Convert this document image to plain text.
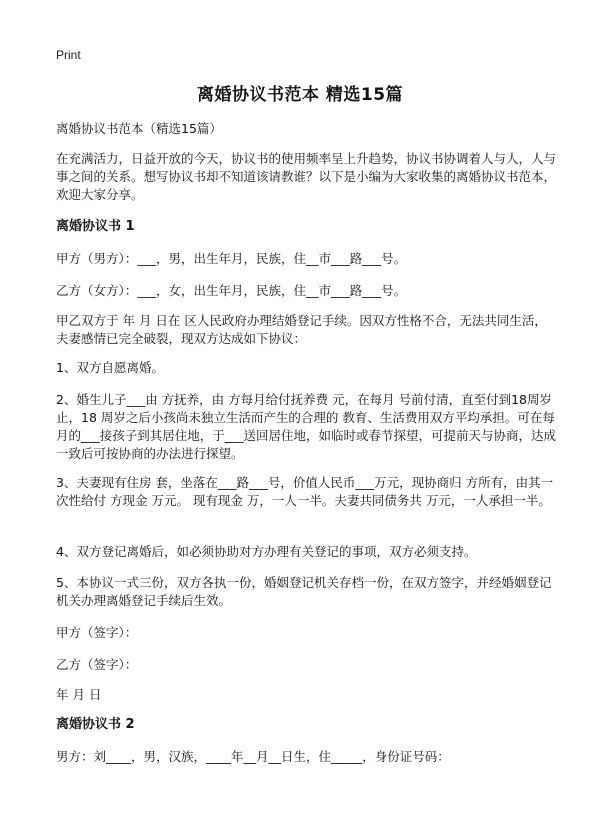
Print
离婚协议书范本 精选15篇
离婚协议书范本（精选15篇）
在充满活力，日益开放的今天，协议书的使用频率呈上升趋势，协议书协调着人与人，人与事之间的关系。想写协议书却不知道该请教谁？以下是小编为大家收集的离婚协议书范本，欢迎大家分享。
离婚协议书 1
甲方（男方）：___，男，出生年月，民族，住__市___路___号。
乙方（女方）：___，女，出生年月，民族，住__市___路___号。
甲乙双方于 年 月 日在 区人民政府办理结婚登记手续。因双方性格不合，无法共同生活，夫妻感情已完全破裂，现双方达成如下协议：
1、双方自愿离婚。
2、婚生儿子___由 方抚养，由 方每月给付抚养费 元，在每月 号前付清，直至付到18周岁止，18 周岁之后小孩尚未独立生活而产生的合理的 教育、生活费用双方平均承担。可在每月的___接孩子到其居住地，于___送回居住地，如临时或春节探望，可提前天与协商，达成一致后可按协商的办法进行探望。
3、夫妻现有住房 套，坐落在___路___号，价值人民币___万元，现协商归 方所有，由其一次性给付 方现金 万元。 现有现金 万，一人一半。夫妻共同债务共 万元，一人承担一半。
4、双方登记离婚后，如必须协助对方办理有关登记的事项，双方必须支持。
5、本协议一式三份，双方各执一份，婚姻登记机关存档一份，在双方签字，并经婚姻登记机关办理离婚登记手续后生效。
甲方（签字）：
乙方（签字）：
年 月 日
离婚协议书 2
男方：刘____，男，汉族，____年__月__日生，住_____，身份证号码：
